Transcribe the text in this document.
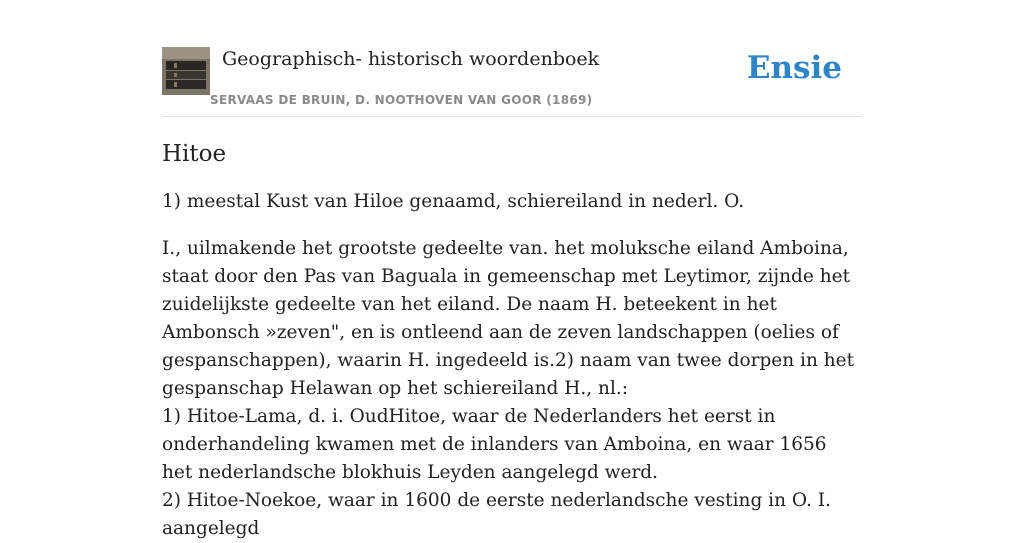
Geographisch- historisch woordenboek
SERVAAS DE BRUIN, D. NOOTHOVEN VAN GOOR (1869)
Ensie
Hitoe

1) meestal Kust van Hiloe genaamd, schiereiland in nederl. O.

I., uilmakende het grootste gedeelte van. het moluksche eiland Amboina, staat door den Pas van Baguala in gemeenschap met Leytimor, zijnde het zuidelijkste gedeelte van het eiland. De naam H. beteekent in het Ambonsch »zeven", en is ontleend aan de zeven landschappen (oelies of gespanschappen), waarin H. ingedeeld is.2) naam van twee dorpen in het gespanschap Helawan op het schiereiland H., nl.:

1) Hitoe-Lama, d. i. OudHitoe, waar de Nederlanders het eerst in onderhandeling kwamen met de inlanders van Amboina, en waar 1656 het nederlandsche blokhuis Leyden aangelegd werd.

2) Hitoe-Noekoe, waar in 1600 de eerste nederlandsche vesting in O. I. aangelegd
